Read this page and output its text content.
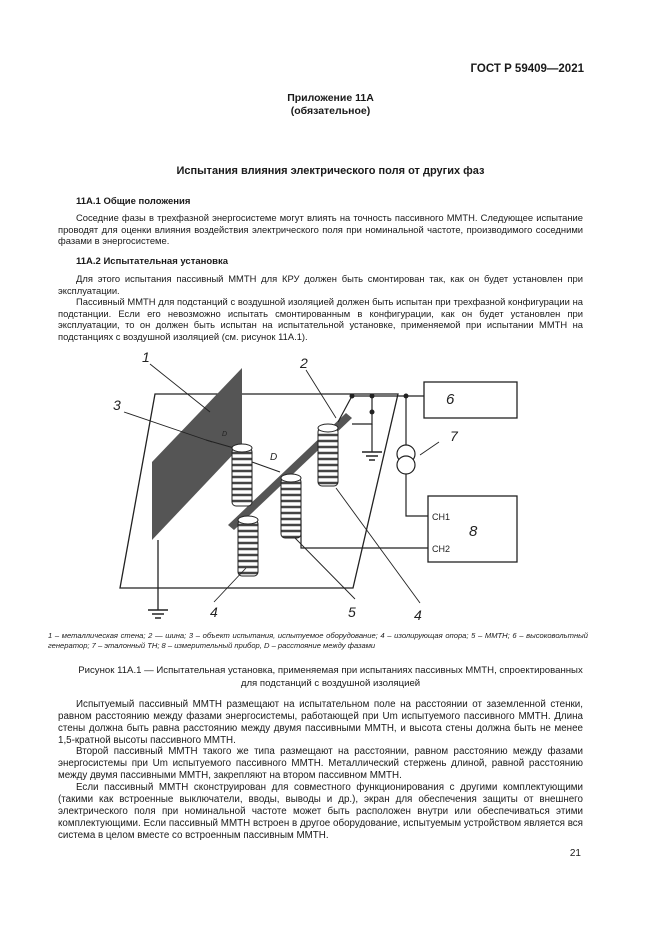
ГОСТ Р 59409—2021
Приложение 11А
(обязательное)
Испытания влияния электрического поля от других фаз
11А.1 Общие положения

Соседние фазы в трехфазной энергосистеме могут влиять на точность пассивного ММТН. Следующее испытание проводят для оценки влияния воздействия электрического поля при номинальной частоте, производимого соседними фазами в энергосистеме.

11А.2 Испытательная установка

Для этого испытания пассивный ММТН для КРУ должен быть смонтирован так, как он будет установлен при эксплуатации.

Пассивный ММТН для подстанций с воздушной изоляцией должен быть испытан при трехфазной конфигурации на подстанции. Если его невозможно испытать смонтированным в конфигурации, как он будет установлен при эксплуатации, то он должен быть испытан на испытательной установке, применяемой при испытании ММТН на подстанциях с воздушной изоляцией (см. рисунок 11А.1).

1
3
2
6
7
8
4	5	4
D
D
CH1
CH2
1 – металлическая стена; 2 — шина; 3 – объект испытания, испытуемое оборудование; 4 – изолирующая опора; 5 – ММТН; 6 – высоковольтный генератор; 7 – эталонный ТН; 8 – измерительный прибор, D – расстояние между фазами
Рисунок 11А.1 — Испытательная установка, применяемая при испытаниях пассивных ММТН, спроектированных
для подстанций с воздушной изоляцией

Испытуемый пассивный ММТН размещают на испытательном поле на расстоянии от заземленной стенки, равном расстоянию между фазами энергосистемы, работающей при Um испытуемого пассивного ММТН. Длина стены должна быть равна расстоянию между двумя пассивными ММТН, и высота стены должна быть не менее 1,5-кратной высоты пассивного ММТН.

Второй пассивный ММТН такого же типа размещают на расстоянии, равном расстоянию между фазами энергосистемы при Um испытуемого пассивного ММТН. Металлический стержень длиной, равной расстоянию между двумя пассивными ММТН, закрепляют на втором пассивном ММТН.

Если пассивный ММТН сконструирован для совместного функционирования с другими комплектующими (такими как встроенные выключатели, вводы, выводы и др.), экран для обеспечения защиты от внешнего электрического поля при номинальной частоте может быть расположен внутри или обеспечиваться этими комплектующими. Если пассивный ММТН встроен в другое оборудование, испытуемым устройством является вся система в целом вместе со встроенным пассивным ММТН.

21
